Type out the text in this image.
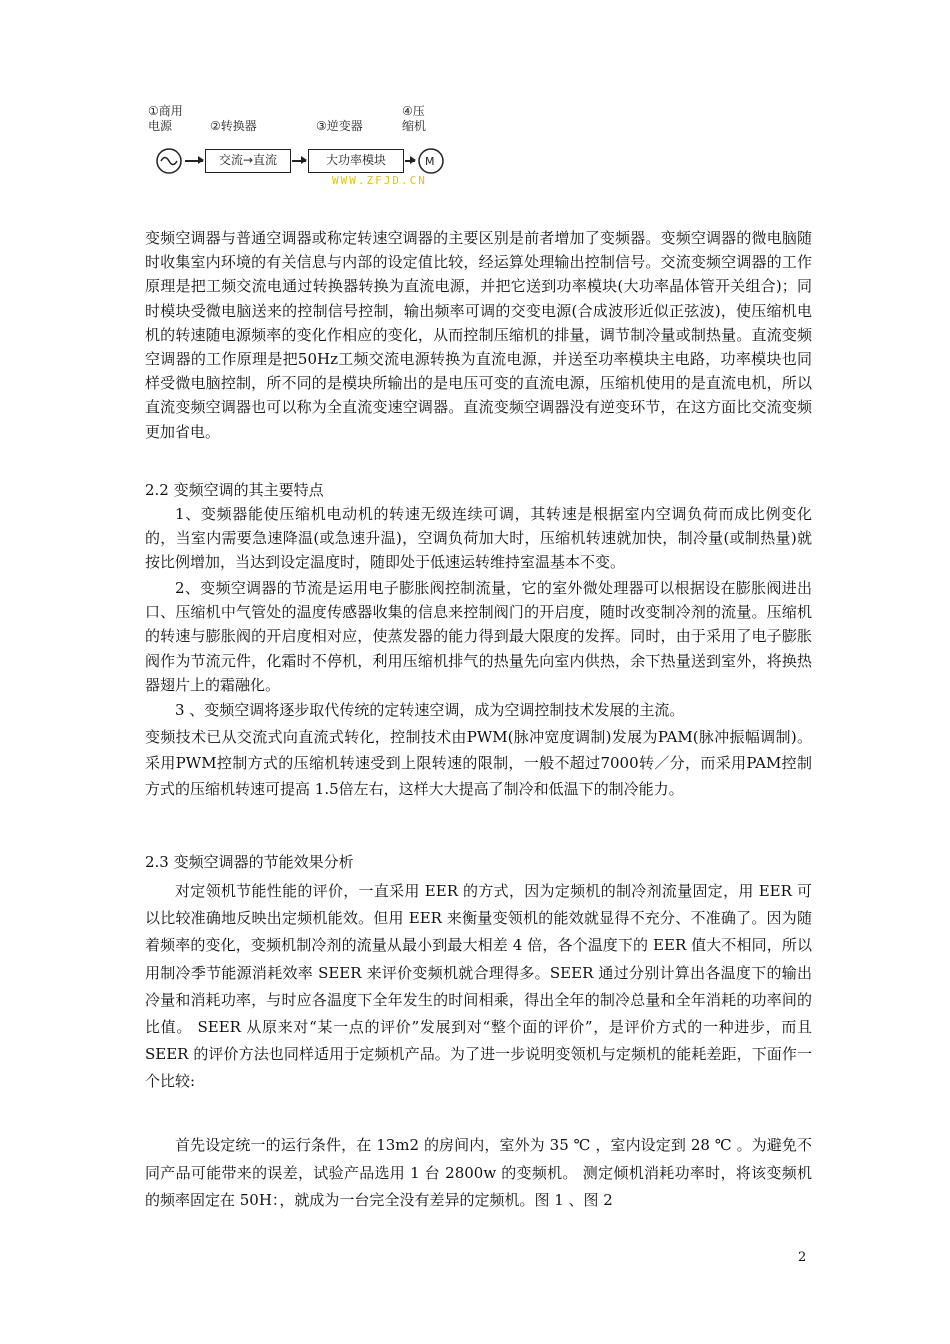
①商用
电源	②转换器	③逆变器
④压
缩机
交流→直流	大功率模块	M
WWW.ZFJD.CN
变频空调器与普通空调器或称定转速空调器的主要区别是前者增加了变频器。变频空调器的微电脑随时收集室内环境的有关信息与内部的设定值比较，经运算处理输出控制信号。交流变频空调器的工作原理是把工频交流电通过转换器转换为直流电源，并把它送到功率模块(大功率晶体管开关组合)；同时模块受微电脑送来的控制信号控制，输出频率可调的交变电源(合成波形近似正弦波)，使压缩机电机的转速随电源频率的变化作相应的变化，从而控制压缩机的排量，调节制冷量或制热量。直流变频空调器的工作原理是把50Hz工频交流电源转换为直流电源，并送至功率模块主电路，功率模块也同样受微电脑控制，所不同的是模块所输出的是电压可变的直流电源，压缩机使用的是直流电机，所以直流变频空调器也可以称为全直流变速空调器。直流变频空调器没有逆变环节，在这方面比交流变频更加省电。
2.2 变频空调的其主要特点
1、变频器能使压缩机电动机的转速无级连续可调，其转速是根据室内空调负荷而成比例变化的，当室内需要急速降温(或急速升温)，空调负荷加大时，压缩机转速就加快，制冷量(或制热量)就按比例增加，当达到设定温度时，随即处于低速运转维持室温基本不变。
2、变频空调器的节流是运用电子膨胀阀控制流量，它的室外微处理器可以根据设在膨胀阀进出口、压缩机中气管处的温度传感器收集的信息来控制阀门的开启度，随时改变制冷剂的流量。压缩机的转速与膨胀阀的开启度相对应，使蒸发器的能力得到最大限度的发挥。同时，由于采用了电子膨胀阀作为节流元件，化霜时不停机，利用压缩机排气的热量先向室内供热，余下热量送到室外，将换热器翅片上的霜融化。
3 、变频空调将逐步取代传统的定转速空调，成为空调控制技术发展的主流。
变频技术已从交流式向直流式转化，控制技术由PWM(脉冲宽度调制)发展为PAM(脉冲振幅调制)。采用PWM控制方式的压缩机转速受到上限转速的限制，一般不超过7000转／分，而采用PAM控制方式的压缩机转速可提高 1.5倍左右，这样大大提高了制冷和低温下的制冷能力。
2.3 变频空调器的节能效果分析
对定领机节能性能的评价，一直采用 EER 的方式，因为定频机的制冷剂流量固定，用 EER 可以比较准确地反映出定频机能效。但用 EER 来衡量变领机的能效就显得不充分、不准确了。因为随着频率的变化，变频机制冷剂的流量从最小到最大相差 4 倍，各个温度下的 EER 值大不相同，所以用制冷季节能源消耗效率 SEER 来评价变频机就合理得多。SEER 通过分别计算出各温度下的输出冷量和消耗功率，与时应各温度下全年发生的时间相乘，得出全年的制冷总量和全年消耗的功率间的比值。 SEER 从原来对“某一点的评价”发展到对“整个面的评价”，是评价方式的一种进步，而且 SEER 的评价方法也同样适用于定频机产品。为了进一步说明变领机与定频机的能耗差距，下面作一个比较:
首先设定统一的运行条件，在 13m2 的房间内，室外为 35 ℃ ，室内设定到 28 ℃ 。为避免不同产品可能带来的误差，试验产品选用 1 台 2800w 的变频机。 测定倾机消耗功率时，将该变频机的频率固定在 50H：，就成为一台完全没有差异的定频机。图 1 、图 2
2
